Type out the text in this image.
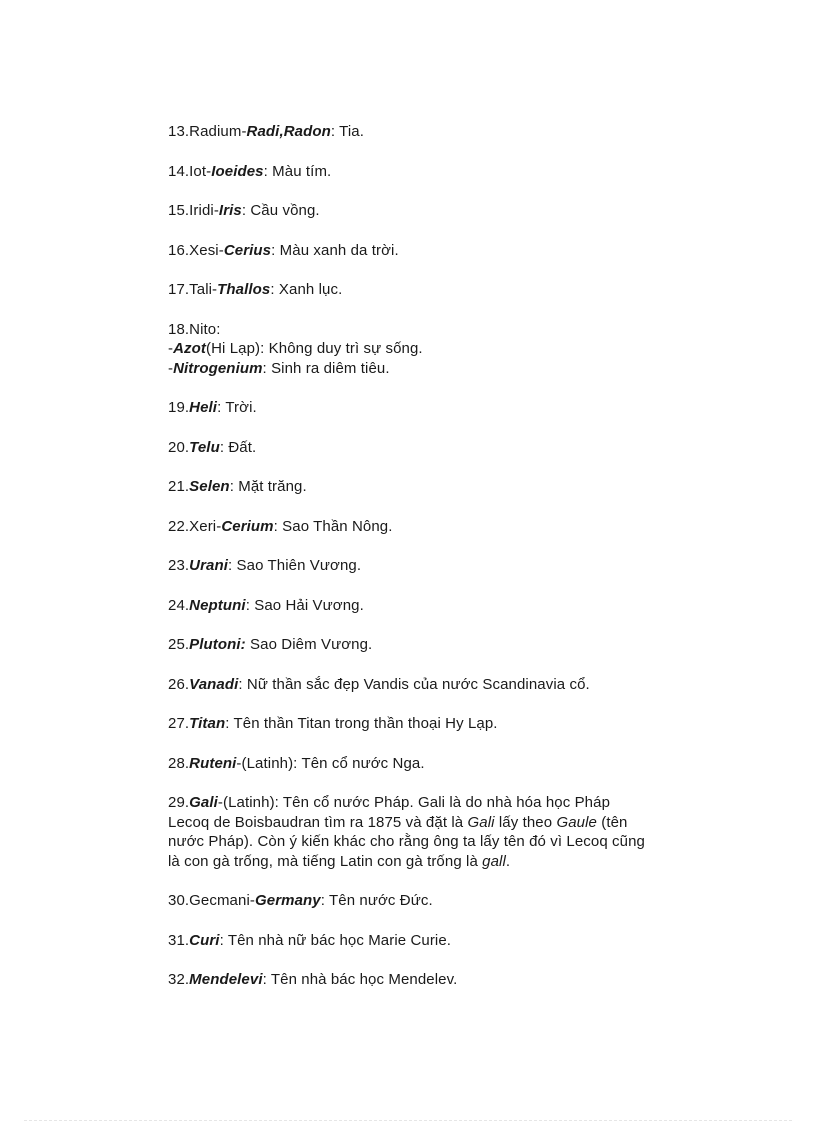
13.Radium-Radi,Radon: Tia.
14.Iot-Ioeides: Màu tím.
15.Iridi-Iris: Cầu vồng.
16.Xesi-Cerius: Màu xanh da trời.
17.Tali-Thallos: Xanh lục.
18.Nito:
-Azot(Hi Lạp): Không duy trì sự sống.
-Nitrogenium: Sinh ra diêm tiêu.
19.Heli: Trời.
20.Telu: Đất.
21.Selen: Mặt trăng.
22.Xeri-Cerium: Sao Thần Nông.
23.Urani: Sao Thiên Vương.
24.Neptuni: Sao Hải Vương.
25.Plutoni: Sao Diêm Vương.
26.Vanadi: Nữ thần sắc đẹp Vandis của nước Scandinavia cổ.
27.Titan: Tên thần Titan trong thần thoại Hy Lạp.
28.Ruteni-(Latinh): Tên cổ nước Nga.
29.Gali-(Latinh): Tên cổ nước Pháp. Gali là do nhà hóa học Pháp
Lecoq de Boisbaudran tìm ra 1875 và đặt là Gali lấy theo Gaule (tên
nước Pháp). Còn ý kiến khác cho rằng ông ta lấy tên đó vì Lecoq cũng
là con gà trống, mà tiếng Latin con gà trống là gall.
30.Gecmani-Germany: Tên nước Đức.
31.Curi: Tên nhà nữ bác học Marie Curie.
32.Mendelevi: Tên nhà bác học Mendelev.
